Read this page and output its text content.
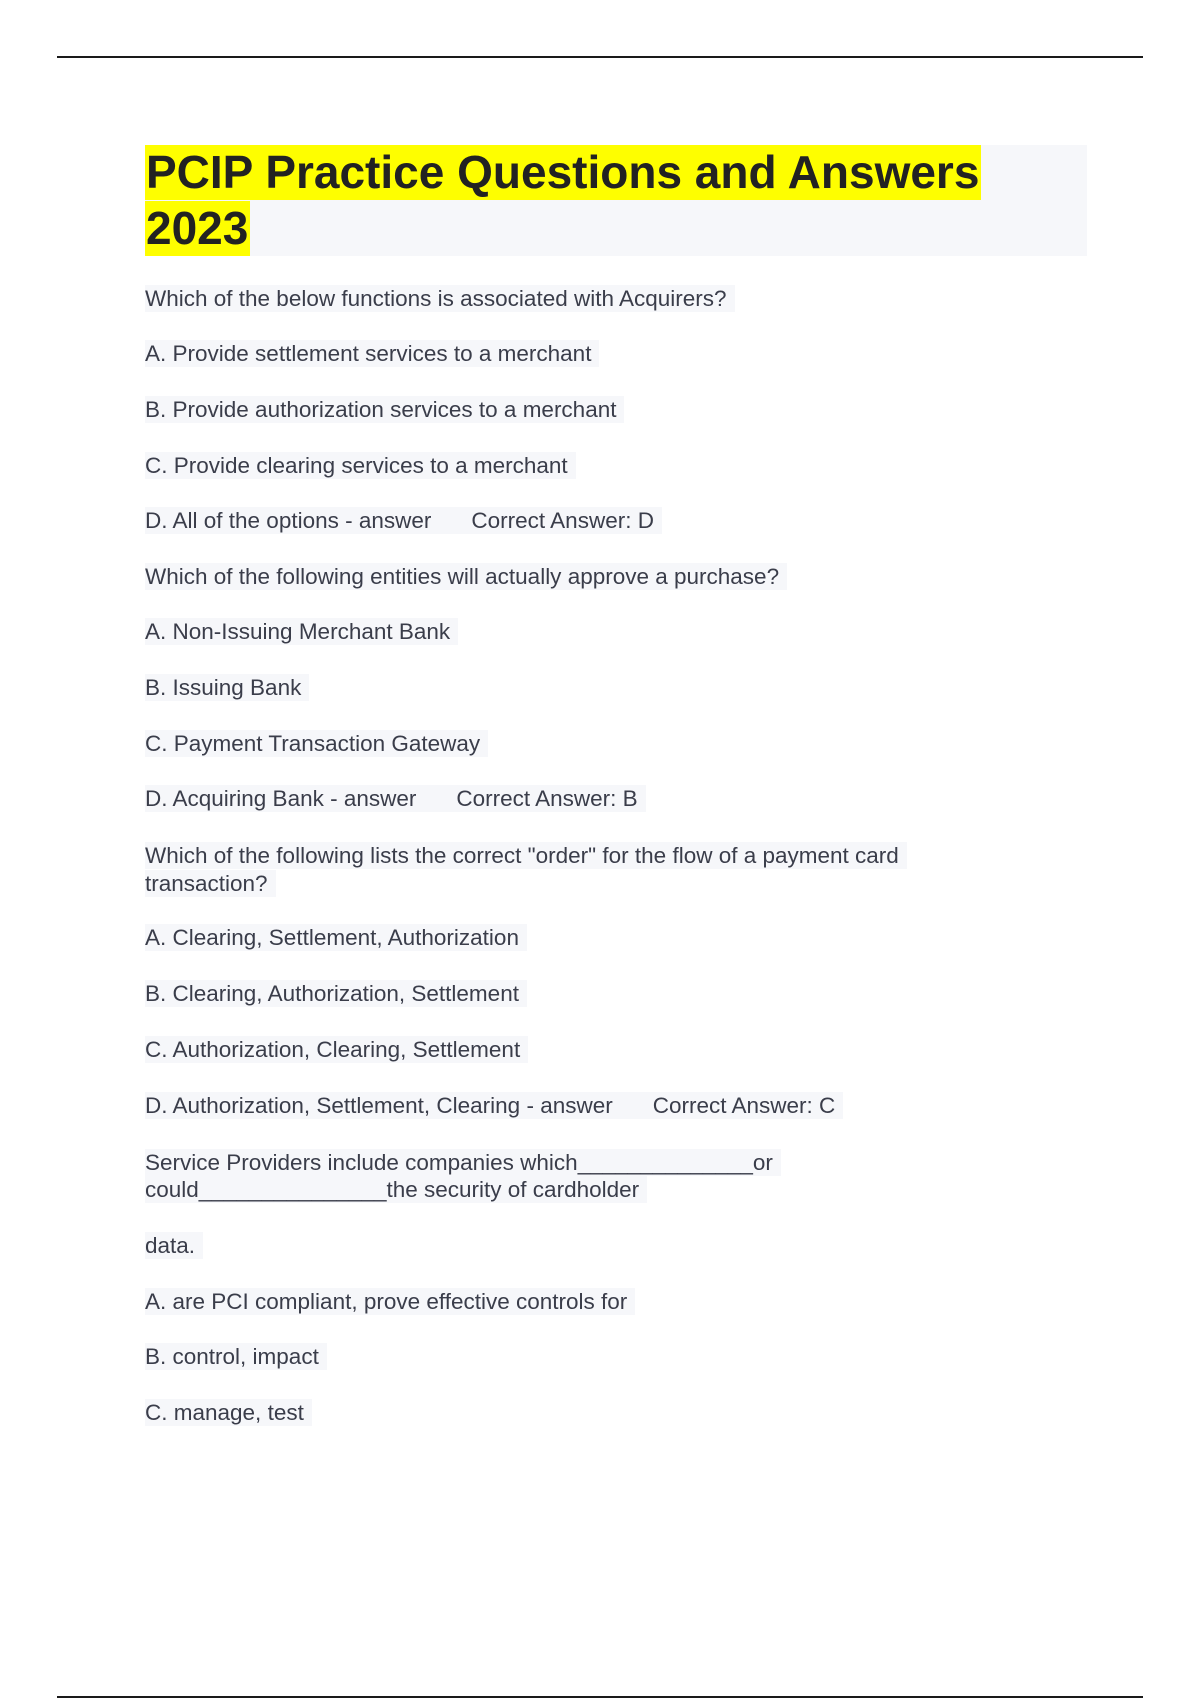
PCIP Practice Questions and Answers
2023
Which of the below functions is associated with Acquirers?
A. Provide settlement services to a merchant
B. Provide authorization services to a merchant
C. Provide clearing services to a merchant
D. All of the options - answer Correct Answer: D
Which of the following entities will actually approve a purchase?
A. Non-Issuing Merchant Bank
B. Issuing Bank
C. Payment Transaction Gateway
D. Acquiring Bank - answer Correct Answer: B
Which of the following lists the correct "order" for the flow of a payment card
transaction?
A. Clearing, Settlement, Authorization
B. Clearing, Authorization, Settlement
C. Authorization, Clearing, Settlement
D. Authorization, Settlement, Clearing - answer Correct Answer: C
Service Providers include companies which______________or
could_______________the security of cardholder
data.
A. are PCI compliant, prove effective controls for
B. control, impact
C. manage, test
